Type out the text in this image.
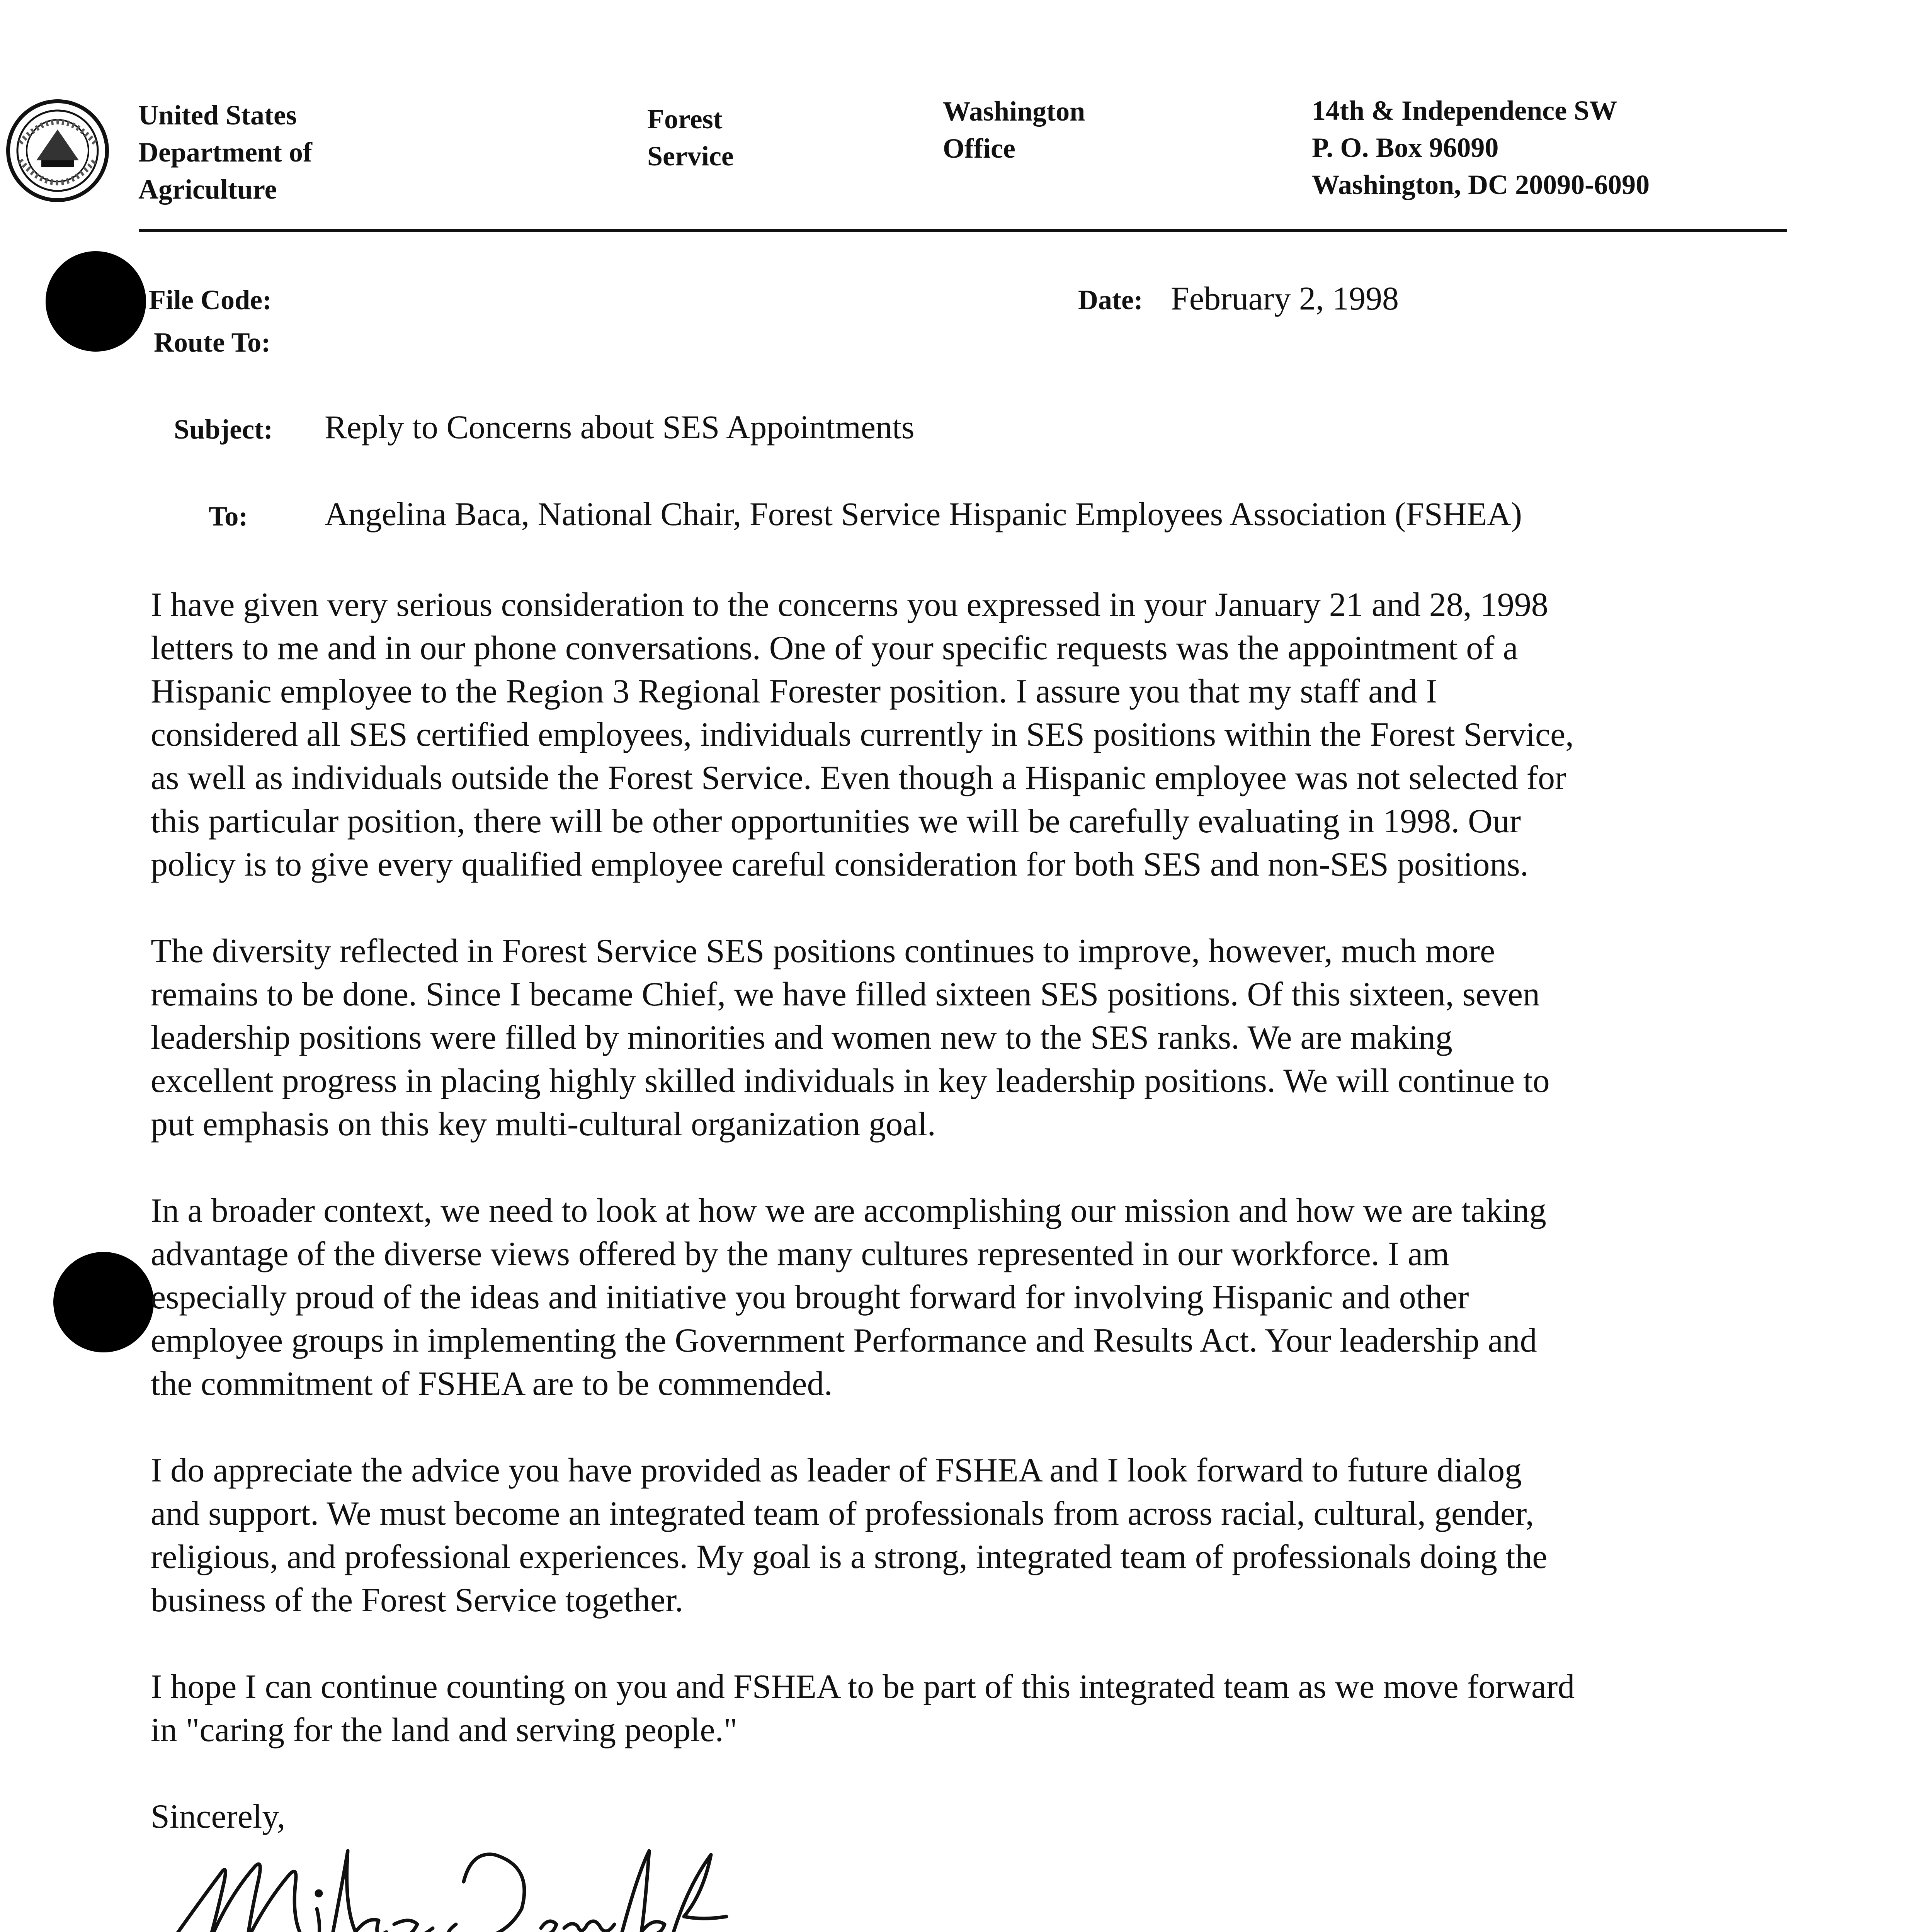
United States
Department of
Agriculture
Forest
Service
Washington
Office
14th & Independence SW
P. O. Box 96090
Washington, DC 20090-6090
File Code:
Route To:
Date: February 2, 1998
Subject: Reply to Concerns about SES Appointments
To: Angelina Baca, National Chair, Forest Service Hispanic Employees Association (FSHEA)

I have given very serious consideration to the concerns you expressed in your January 21 and 28, 1998
letters to me and in our phone conversations. One of your specific requests was the appointment of a
Hispanic employee to the Region 3 Regional Forester position. I assure you that my staff and I
considered all SES certified employees, individuals currently in SES positions within the Forest Service,
as well as individuals outside the Forest Service. Even though a Hispanic employee was not selected for
this particular position, there will be other opportunities we will be carefully evaluating in 1998. Our
policy is to give every qualified employee careful consideration for both SES and non-SES positions.

The diversity reflected in Forest Service SES positions continues to improve, however, much more
remains to be done. Since I became Chief, we have filled sixteen SES positions. Of this sixteen, seven
leadership positions were filled by minorities and women new to the SES ranks. We are making
excellent progress in placing highly skilled individuals in key leadership positions. We will continue to
put emphasis on this key multi-cultural organization goal.

In a broader context, we need to look at how we are accomplishing our mission and how we are taking
advantage of the diverse views offered by the many cultures represented in our workforce. I am
especially proud of the ideas and initiative you brought forward for involving Hispanic and other
employee groups in implementing the Government Performance and Results Act. Your leadership and
the commitment of FSHEA are to be commended.

I do appreciate the advice you have provided as leader of FSHEA and I look forward to future dialog
and support. We must become an integrated team of professionals from across racial, cultural, gender,
religious, and professional experiences. My goal is a strong, integrated team of professionals doing the
business of the Forest Service together.

I hope I can continue counting on you and FSHEA to be part of this integrated team as we move forward
in "caring for the land and serving people."

Sincerely,
